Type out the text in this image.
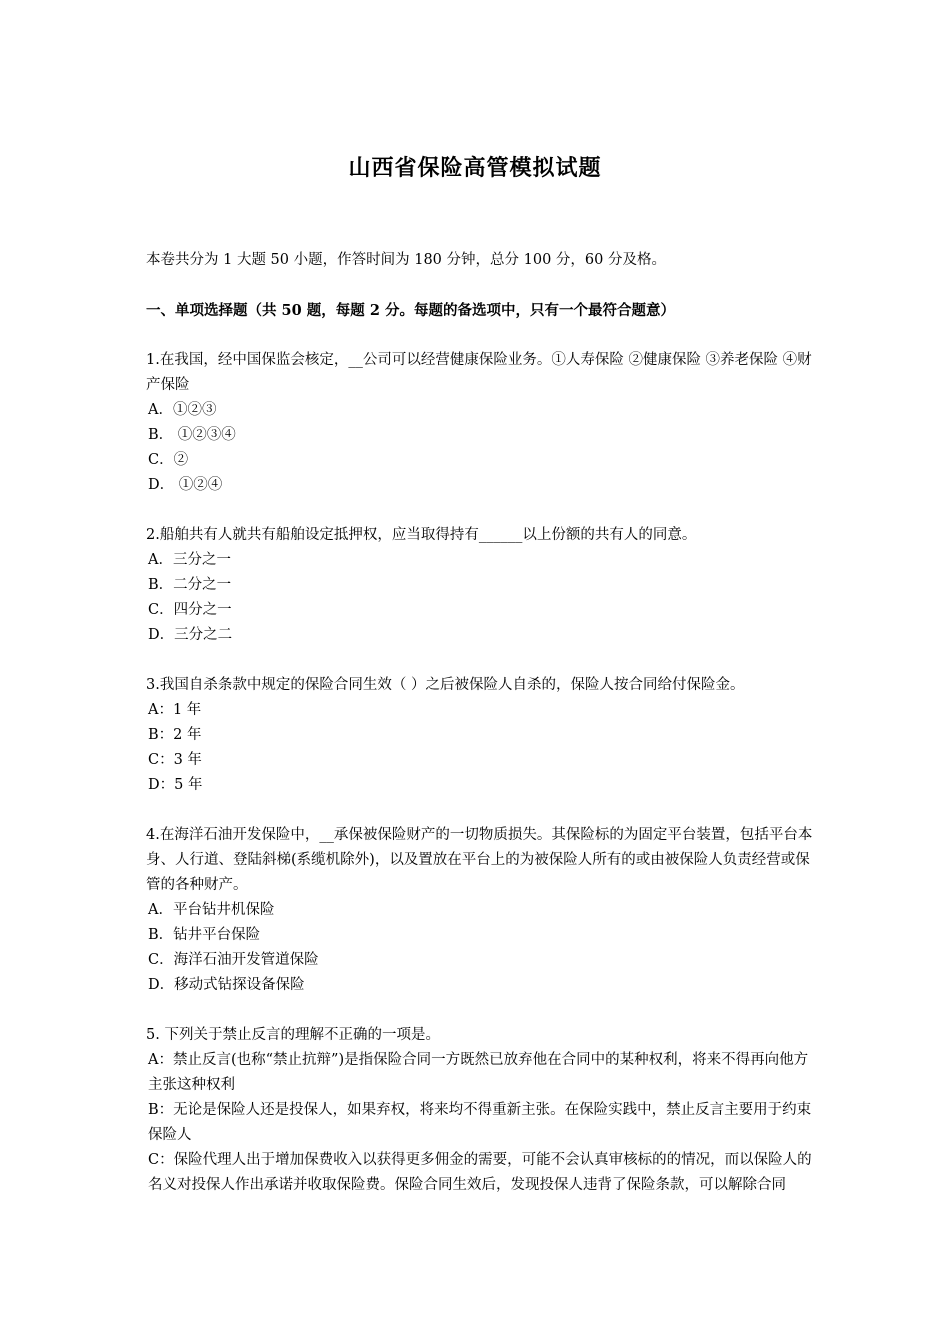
山西省保险高管模拟试题

本卷共分为 1 大题 50 小题，作答时间为 180 分钟，总分 100 分，60 分及格。

一、单项选择题（共 50 题，每题 2 分。每题的备选项中，只有一个最符合题意）

1.在我国，经中国保监会核定，__公司可以经营健康保险业务。①人寿保险 ②健康保险 ③养老保险 ④财产保险

A．①②③

B． ①②③④

C．②

D． ①②④

2.船舶共有人就共有船舶设定抵押权，应当取得持有______以上份额的共有人的同意。

A．三分之一

B．二分之一

C．四分之一

D．三分之二

3.我国自杀条款中规定的保险合同生效（ ）之后被保险人自杀的，保险人按合同给付保险金。

A：1 年

B：2 年

C：3 年

D：5 年

4.在海洋石油开发保险中，__承保被保险财产的一切物质损失。其保险标的为固定平台装置，包括平台本身、人行道、登陆斜梯(系缆机除外)，以及置放在平台上的为被保险人所有的或由被保险人负责经营或保管的各种财产。

A．平台钻井机保险

B．钻井平台保险

C．海洋石油开发管道保险

D．移动式钻探设备保险

5. 下列关于禁止反言的理解不正确的一项是。

A：禁止反言(也称“禁止抗辩”)是指保险合同一方既然已放弃他在合同中的某种权利，将来不得再向他方主张这种权利

B：无论是保险人还是投保人，如果弃权，将来均不得重新主张。在保险实践中，禁止反言主要用于约束保险人

C：保险代理人出于增加保费收入以获得更多佣金的需要，可能不会认真审核标的的情况，而以保险人的名义对投保人作出承诺并收取保险费。保险合同生效后，发现投保人违背了保险条款，可以解除合同
